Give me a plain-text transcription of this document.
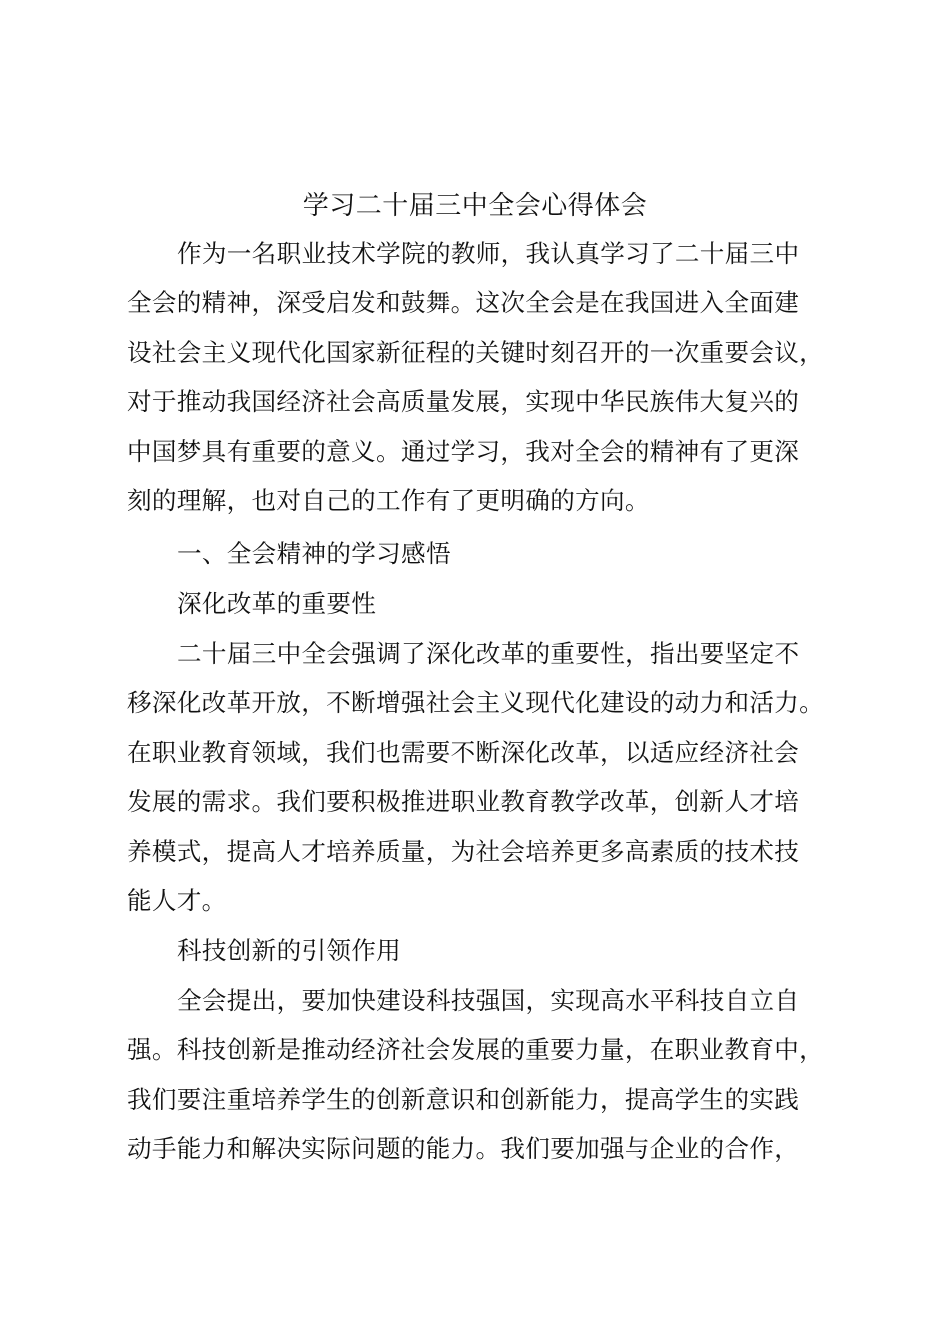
学习二十届三中全会心得体会
作为一名职业技术学院的教师，我认真学习了二十届三中
全会的精神，深受启发和鼓舞。这次全会是在我国进入全面建
设社会主义现代化国家新征程的关键时刻召开的一次重要会议，
对于推动我国经济社会高质量发展，实现中华民族伟大复兴的
中国梦具有重要的意义。通过学习，我对全会的精神有了更深
刻的理解，也对自己的工作有了更明确的方向。
一、全会精神的学习感悟
深化改革的重要性
二十届三中全会强调了深化改革的重要性，指出要坚定不
移深化改革开放，不断增强社会主义现代化建设的动力和活力。
在职业教育领域，我们也需要不断深化改革，以适应经济社会
发展的需求。我们要积极推进职业教育教学改革，创新人才培
养模式，提高人才培养质量，为社会培养更多高素质的技术技
能人才。
科技创新的引领作用
全会提出，要加快建设科技强国，实现高水平科技自立自
强。科技创新是推动经济社会发展的重要力量，在职业教育中，
我们要注重培养学生的创新意识和创新能力，提高学生的实践
动手能力和解决实际问题的能力。我们要加强与企业的合作，
